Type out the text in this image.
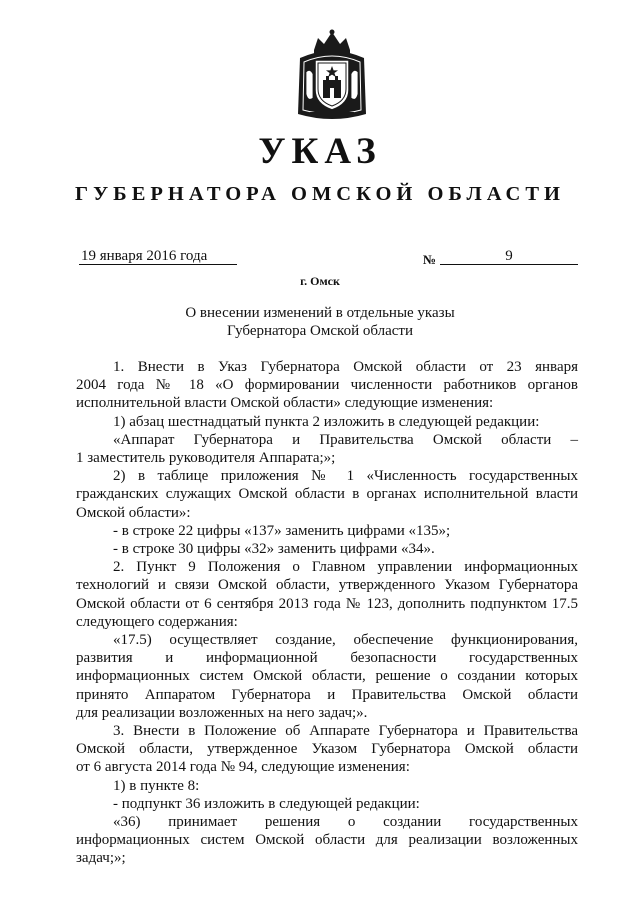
УКАЗ
ГУБЕРНАТОРА ОМСКОЙ ОБЛАСТИ
19 января 2016 года	№	9
г. Омск
О внесении изменений в отдельные указы
Губернатора Омской области
1. Внести в Указ Губернатора Омской области от 23 января
2004 года № 18 «О формировании численности работников органов
исполнительной власти Омской области» следующие изменения:
1) абзац шестнадцатый пункта 2 изложить в следующей редакции:
«Аппарат Губернатора и Правительства Омской области –
1 заместитель руководителя Аппарата;»;
2) в таблице приложения № 1 «Численность государственных
гражданских служащих Омской области в органах исполнительной власти
Омской области»:
- в строке 22 цифры «137» заменить цифрами «135»;
- в строке 30 цифры «32» заменить цифрами «34».
2. Пункт 9 Положения о Главном управлении информационных
технологий и связи Омской области, утвержденного Указом Губернатора
Омской области от 6 сентября 2013 года № 123, дополнить подпунктом 17.5
следующего содержания:
«17.5) осуществляет создание, обеспечение функционирования,
развития и информационной безопасности государственных
информационных систем Омской области, решение о создании которых
принято Аппаратом Губернатора и Правительства Омской области
для реализации возложенных на него задач;».
3. Внести в Положение об Аппарате Губернатора и Правительства
Омской области, утвержденное Указом Губернатора Омской области
от 6 августа 2014 года № 94, следующие изменения:
1) в пункте 8:
- подпункт 36 изложить в следующей редакции:
«36) принимает решения о создании государственных
информационных систем Омской области для реализации возложенных
задач;»;
